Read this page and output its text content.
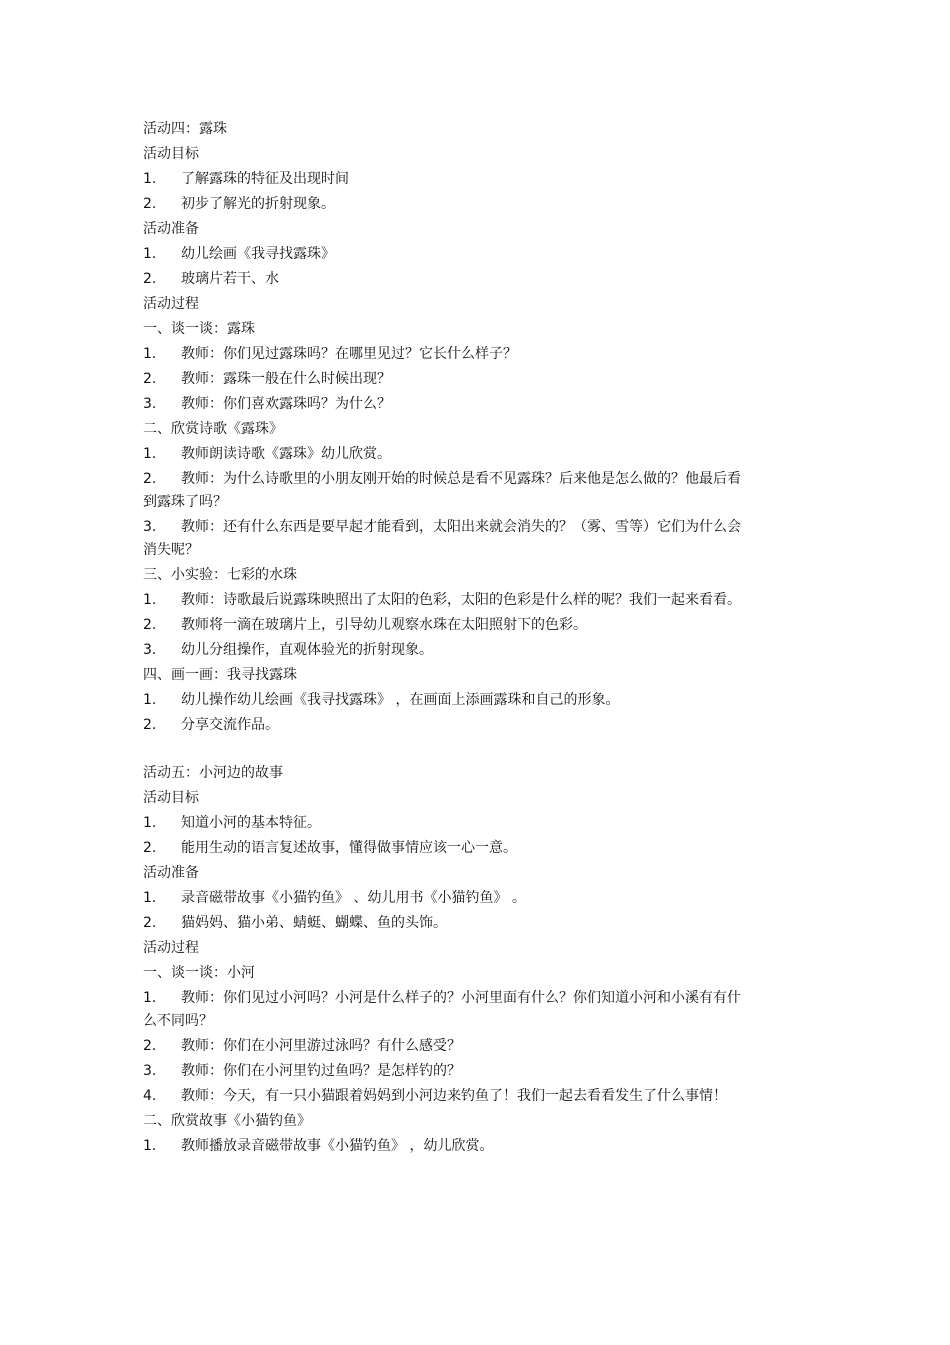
活动四：露珠
活动目标
1. 了解露珠的特征及出现时间
2. 初步了解光的折射现象。
活动准备
1. 幼儿绘画《我寻找露珠》
2. 玻璃片若干、水
活动过程
一、谈一谈：露珠
1. 教师：你们见过露珠吗？在哪里见过？它长什么样子？
2. 教师：露珠一般在什么时候出现？
3. 教师：你们喜欢露珠吗？为什么？
二、欣赏诗歌《露珠》
1. 教师朗读诗歌《露珠》幼儿欣赏。
2. 教师：为什么诗歌里的小朋友刚开始的时候总是看不见露珠？后来他是怎么做的？他最后看到露珠了吗？
3. 教师：还有什么东西是要早起才能看到，太阳出来就会消失的？（雾、雪等）它们为什么会消失呢？
三、小实验：七彩的水珠
1. 教师：诗歌最后说露珠映照出了太阳的色彩，太阳的色彩是什么样的呢？我们一起来看看。
2. 教师将一滴在玻璃片上，引导幼儿观察水珠在太阳照射下的色彩。
3. 幼儿分组操作，直观体验光的折射现象。
四、画一画：我寻找露珠
1. 幼儿操作幼儿绘画《我寻找露珠》 ，在画面上添画露珠和自己的形象。
2. 分享交流作品。
活动五：小河边的故事
活动目标
1. 知道小河的基本特征。
2. 能用生动的语言复述故事，懂得做事情应该一心一意。
活动准备
1. 录音磁带故事《小猫钓鱼》 、幼儿用书《小猫钓鱼》 。
2. 猫妈妈、猫小弟、蜻蜓、蝴蝶、鱼的头饰。
活动过程
一、谈一谈：小河
1. 教师：你们见过小河吗？小河是什么样子的？小河里面有什么？你们知道小河和小溪有有什么不同吗？
2. 教师：你们在小河里游过泳吗？有什么感受？
3. 教师：你们在小河里钓过鱼吗？是怎样钓的？
4. 教师：今天，有一只小猫跟着妈妈到小河边来钓鱼了！我们一起去看看发生了什么事情！
二、欣赏故事《小猫钓鱼》
1. 教师播放录音磁带故事《小猫钓鱼》 ，幼儿欣赏。
